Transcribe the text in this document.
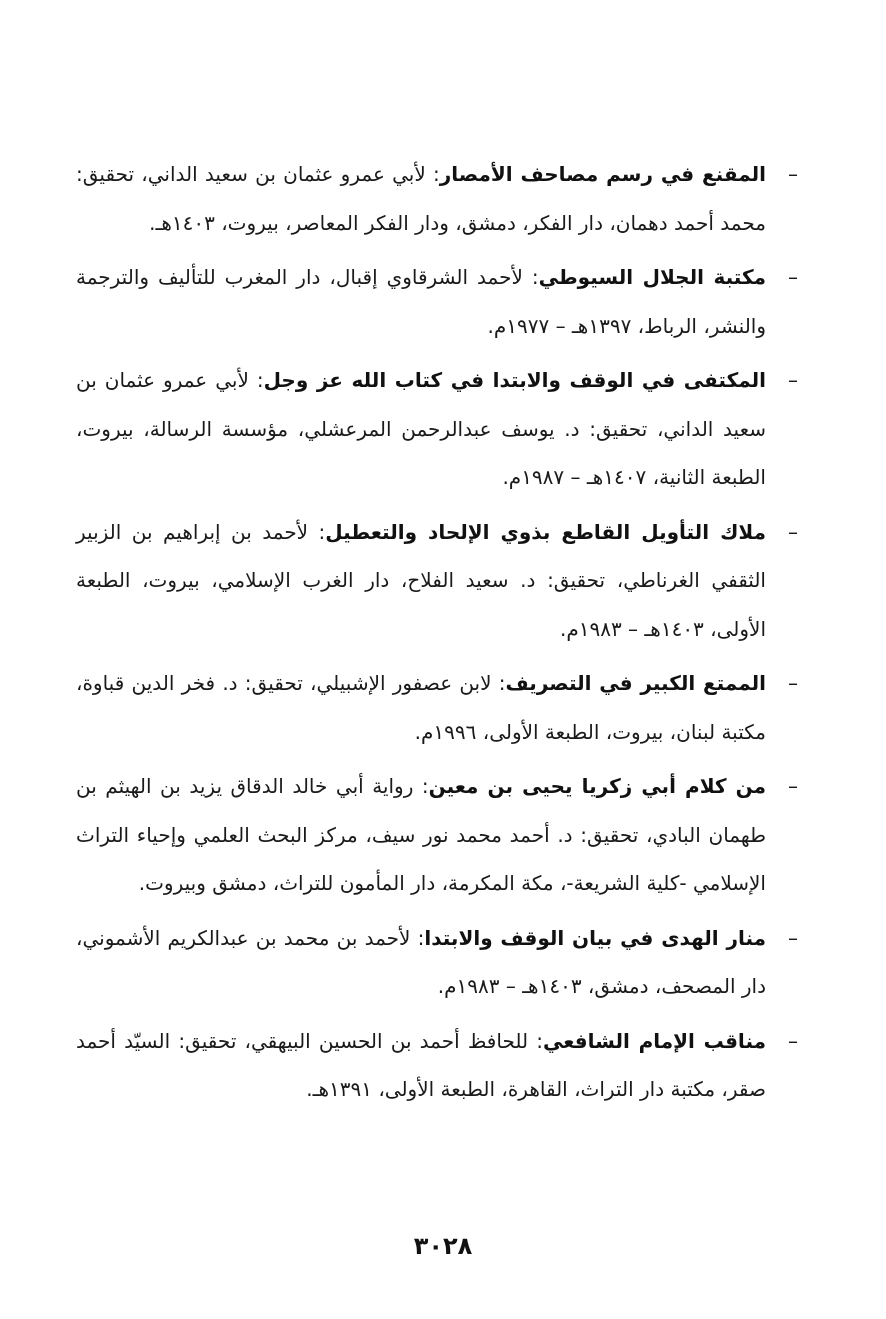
–
المقنع في رسم مصاحف الأمصار: لأبي عمرو عثمان بن سعيد الداني، تحقيق: محمد أحمد دهمان، دار الفكر، دمشق، ودار الفكر المعاصر، بيروت، ١٤٠٣هـ.

–
مكتبة الجلال السيوطي: لأحمد الشرقاوي إقبال، دار المغرب للتأليف والترجمة والنشر، الرباط، ١٣٩٧هـ – ١٩٧٧م.

–
المكتفى في الوقف والابتدا في كتاب الله عز وجل: لأبي عمرو عثمان بن سعيد الداني، تحقيق: د. يوسف عبدالرحمن المرعشلي، مؤسسة الرسالة، بيروت، الطبعة الثانية، ١٤٠٧هـ – ١٩٨٧م.

–
ملاك التأويل القاطع بذوي الإلحاد والتعطيل: لأحمد بن إبراهيم بن الزبير الثقفي الغرناطي، تحقيق: د. سعيد الفلاح، دار الغرب الإسلامي، بيروت، الطبعة الأولى، ١٤٠٣هـ – ١٩٨٣م.

–
الممتع الكبير في التصريف: لابن عصفور الإشبيلي، تحقيق: د. فخر الدين قباوة، مكتبة لبنان، بيروت، الطبعة الأولى، ١٩٩٦م.

–
من كلام أبي زكريا يحيى بن معين: رواية أبي خالد الدقاق يزيد بن الهيثم بن طهمان البادي، تحقيق: د. أحمد محمد نور سيف، مركز البحث العلمي وإحياء التراث الإسلامي -كلية الشريعة-، مكة المكرمة، دار المأمون للتراث، دمشق وبيروت.

–
منار الهدى في بيان الوقف والابتدا: لأحمد بن محمد بن عبدالكريم الأشموني، دار المصحف، دمشق، ١٤٠٣هـ – ١٩٨٣م.

–
مناقب الإمام الشافعي: للحافظ أحمد بن الحسين البيهقي، تحقيق: السيّد أحمد صقر، مكتبة دار التراث، القاهرة، الطبعة الأولى، ١٣٩١هـ.

٣٠٢٨
